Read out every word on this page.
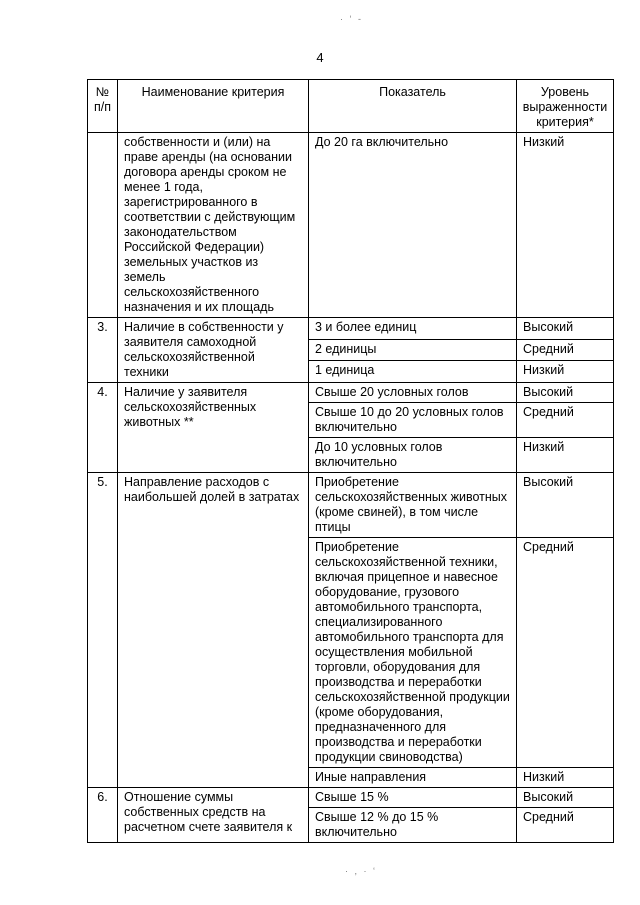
· ‘ -
4
№ п/п	Наименование критерия	Показатель	Уровень выраженности критерия*
	собственности и (или) на праве аренды (на основании договора аренды сроком не менее 1 года, зарегистрированного в соответствии с действующим законодательством Российской Федерации) земельных участков из земель сельскохозяйственного назначения и их площадь	До 20 га включительно	Низкий
3.	Наличие в собственности у заявителя самоходной сельскохозяйственной техники	3 и более единиц	Высокий
		2 единицы	Средний
		1 единица	Низкий
4.	Наличие у заявителя сельскохозяйственных животных **	Свыше 20 условных голов	Высокий
		Свыше 10 до 20 условных голов включительно	Средний
		До 10 условных голов включительно	Низкий
5.	Направление расходов с наибольшей долей в затратах	Приобретение сельскохозяйственных животных (кроме свиней), в том числе птицы	Высокий
		Приобретение сельскохозяйственной техники, включая прицепное и навесное оборудование, грузового автомобильного транспорта, специализированного автомобильного транспорта для осуществления мобильной торговли, оборудования для производства и переработки сельскохозяйственной продукции (кроме оборудования, предназначенного для производства и переработки продукции свиноводства)	Средний
		Иные направления	Низкий
6.	Отношение суммы собственных средств на расчетном счете заявителя к	Свыше 15 %	Высокий
		Свыше 12 % до 15 % включительно	Средний
· , · ‘
